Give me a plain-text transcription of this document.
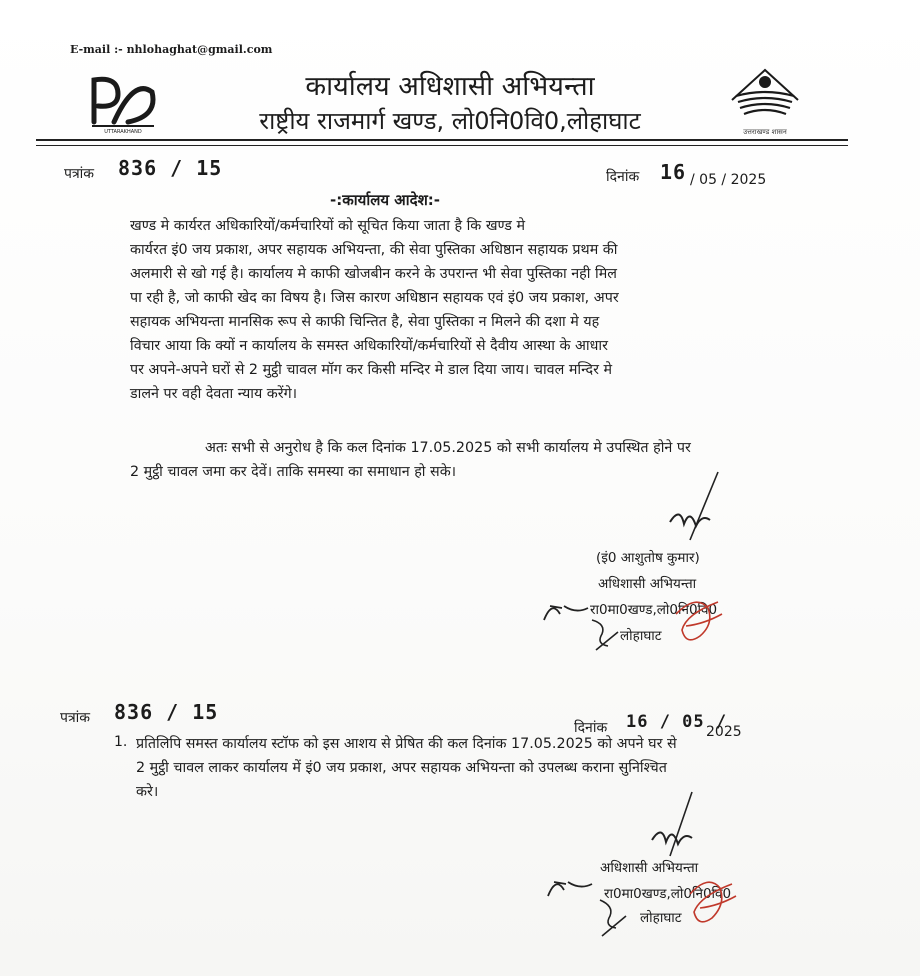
E-mail :- nhlohaghat@gmail.com
UTTARAKHAND
कार्यालय अधिशासी अभियन्ता
राष्ट्रीय राजमार्ग खण्ड, लो0नि0वि0,लोहाघाट	उत्तराखण्ड शासन
पत्रांक 836 / 15	दिनांक 16 / 05 / 2025
-:कार्यालय आदेश:-
खण्ड मे कार्यरत अधिकारियों/कर्मचारियों को सूचित किया जाता है कि खण्ड मे
कार्यरत इं0 जय प्रकाश, अपर सहायक अभियन्ता, की सेवा पुस्तिका अधिष्ठान सहायक प्रथम की
अलमारी से खो गई है। कार्यालय मे काफी खोजबीन करने के उपरान्त भी सेवा पुस्तिका नही मिल
पा रही है, जो काफी खेद का विषय है। जिस कारण अधिष्ठान सहायक एवं इं0 जय प्रकाश, अपर
सहायक अभियन्ता मानसिक रूप से काफी चिन्तित है, सेवा पुस्तिका न मिलने की दशा मे यह
विचार आया कि क्यों न कार्यालय के समस्त अधिकारियों/कर्मचारियों से दैवीय आस्था के आधार
पर अपने-अपने घरों से 2 मुट्ठी चावल मॉग कर किसी मन्दिर मे डाल दिया जाय। चावल मन्दिर मे
डालने पर वही देवता न्याय करेंगे।
अतः सभी से अनुरोध है कि कल दिनांक 17.05.2025 को सभी कार्यालय मे उपस्थित होने पर
2 मुट्ठी चावल जमा कर देवें। ताकि समस्या का समाधान हो सके।
(इं0 आशुतोष कुमार)
अधिशासी अभियन्ता
रा0मा0खण्ड,लो0नि0वि0
लोहाघाट
पत्रांक 836 / 15
दिनांक 16 / 05 /
2025
1. प्रतिलिपि समस्त कार्यालय स्टॉफ को इस आशय से प्रेषित की कल दिनांक 17.05.2025 को अपने घर से
2 मुट्ठी चावल लाकर कार्यालय में इं0 जय प्रकाश, अपर सहायक अभियन्ता को उपलब्ध कराना सुनिश्चित
करे।
अधिशासी अभियन्ता
रा0मा0खण्ड,लो0नि0वि0
लोहाघाट
